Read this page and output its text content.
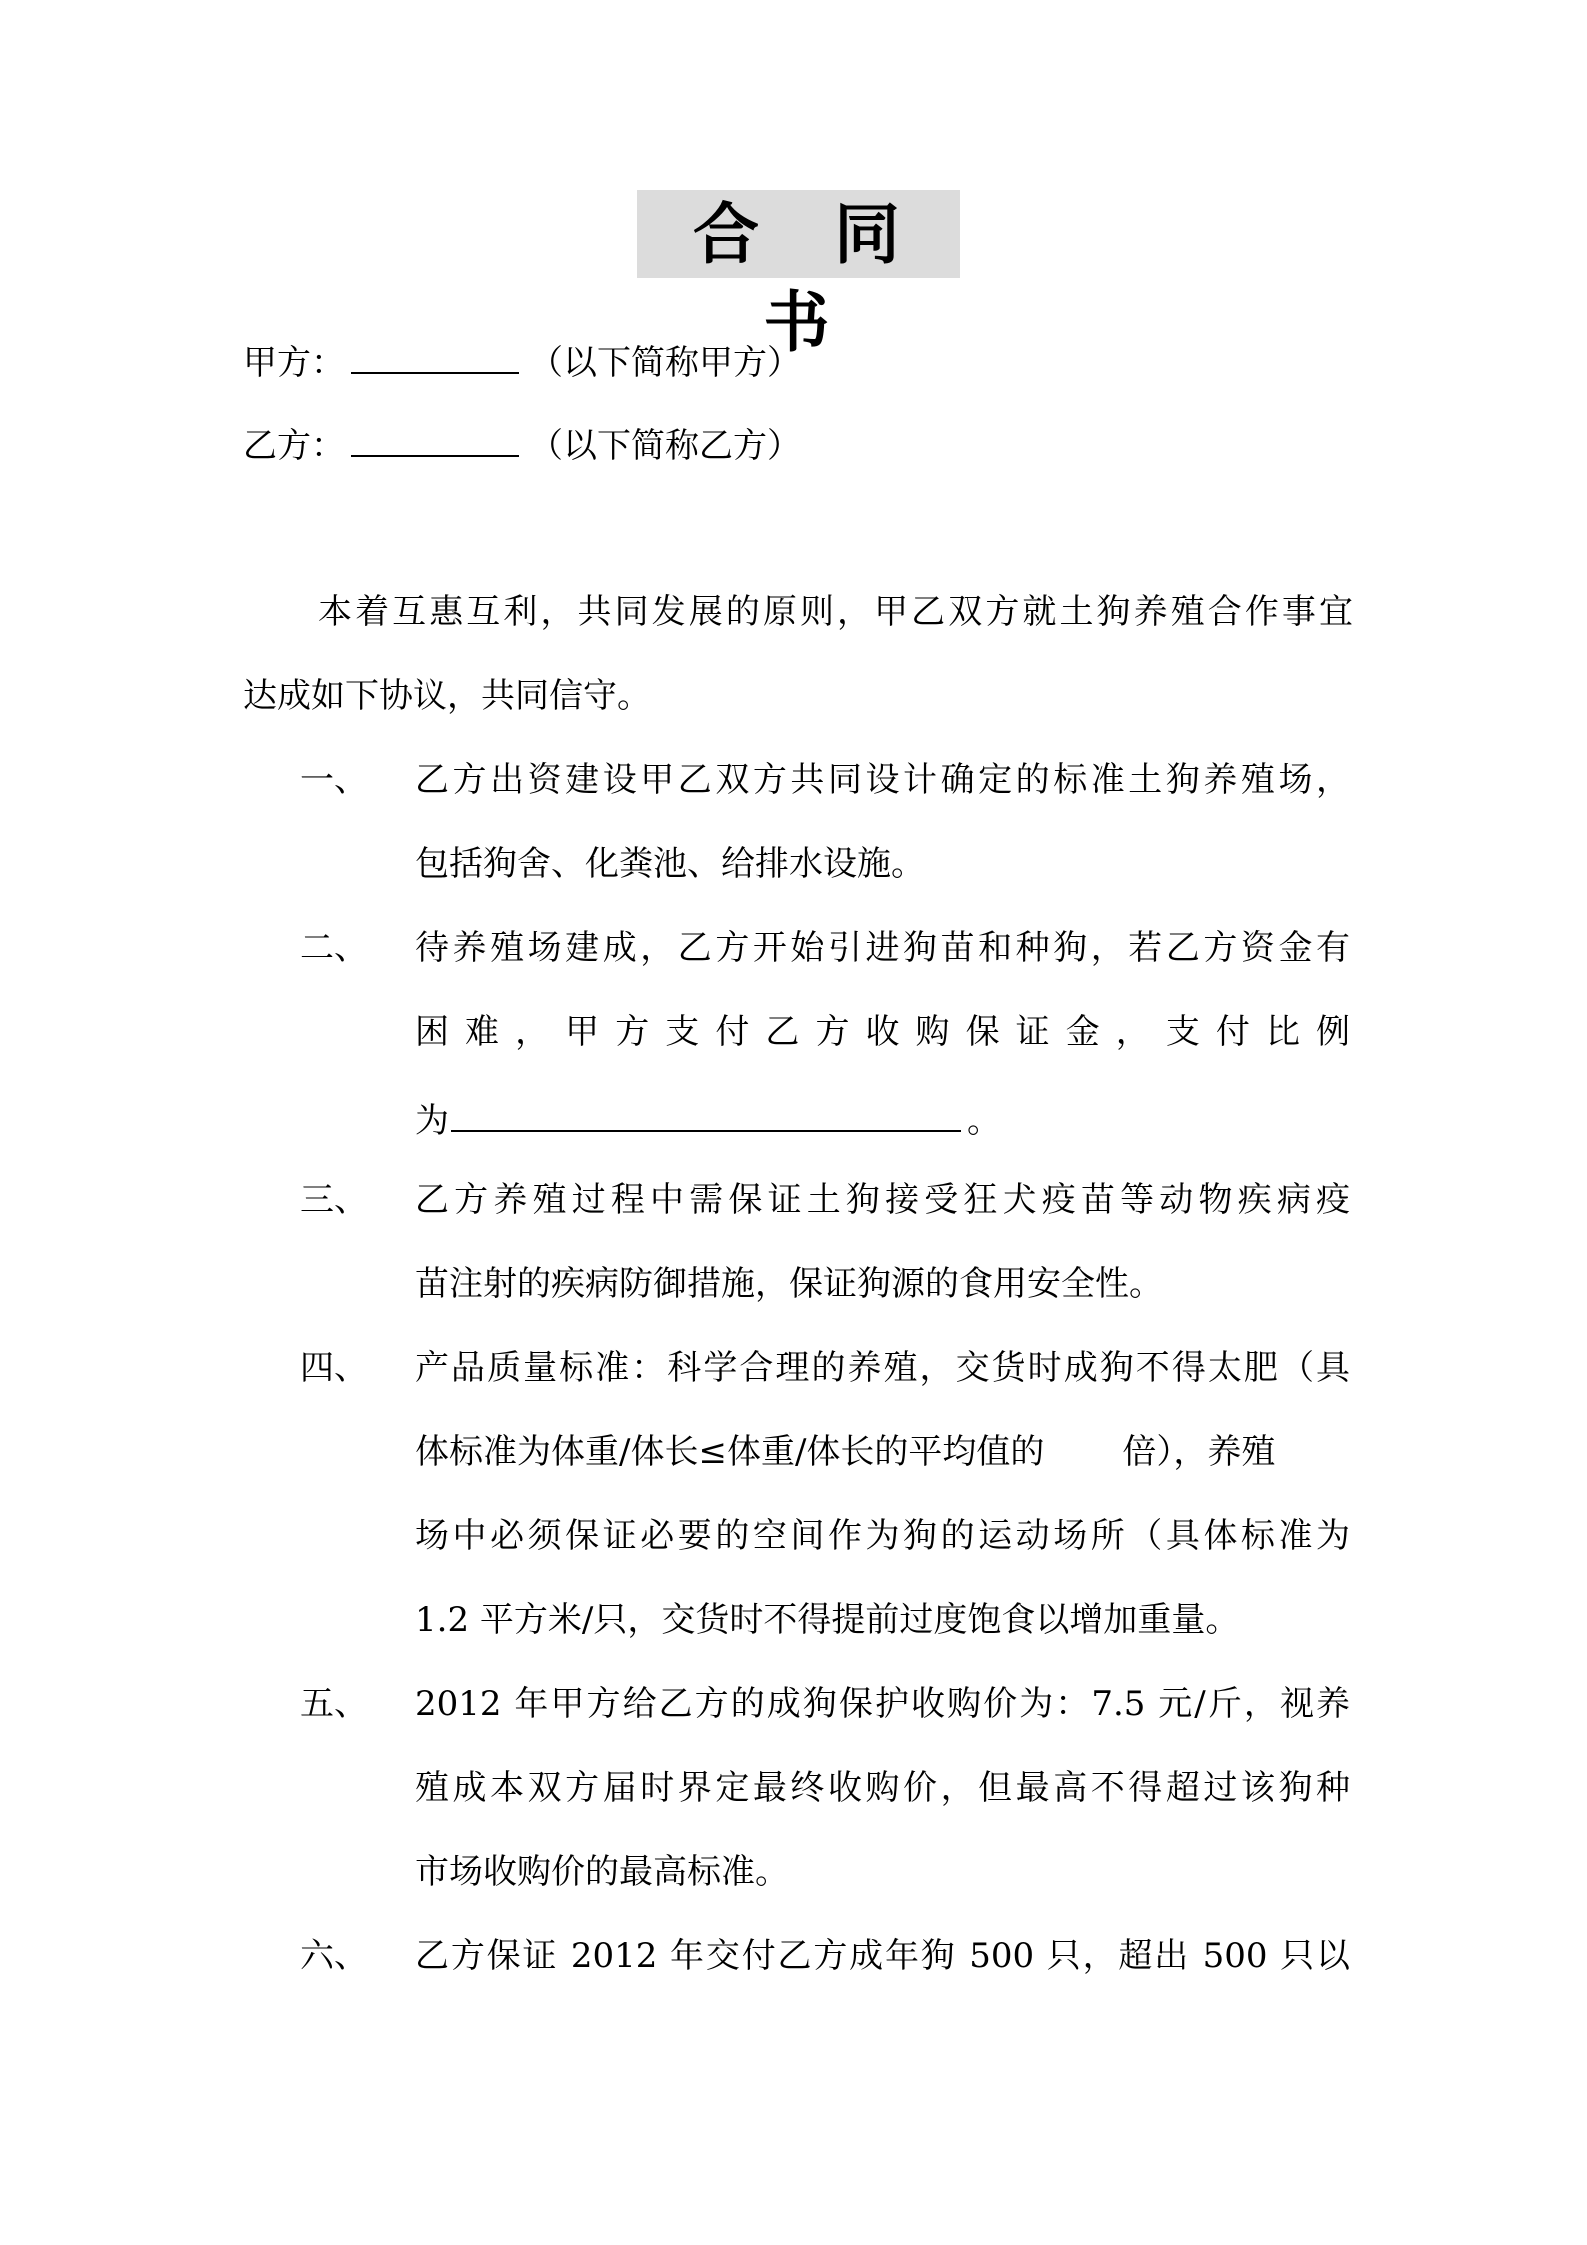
合 同 书
甲方：	（以下简称甲方）
乙方：	（以下简称乙方）
本着互惠互利，共同发展的原则，甲乙双方就土狗养殖合作事宜
达成如下协议，共同信守。
一、 乙方出资建设甲乙双方共同设计确定的标准土狗养殖场，
包括狗舍、化粪池、给排水设施。
二、 待养殖场建成，乙方开始引进狗苗和种狗，若乙方资金有
困难，甲方支付乙方收购保证金，支付比例
为	。
三、 乙方养殖过程中需保证土狗接受狂犬疫苗等动物疾病疫
苗注射的疾病防御措施，保证狗源的食用安全性。
四、 产品质量标准：科学合理的养殖，交货时成狗不得太肥（具
体标准为体重/体长≤体重/体长的平均值的 倍），养殖
场中必须保证必要的空间作为狗的运动场所（具体标准为
1.2 平方米/只，交货时不得提前过度饱食以增加重量。
五、 2012 年甲方给乙方的成狗保护收购价为：7.5 元/斤，视养
殖成本双方届时界定最终收购价，但最高不得超过该狗种
市场收购价的最高标准。
六、 乙方保证 2012 年交付乙方成年狗 500 只，超出 500 只以
